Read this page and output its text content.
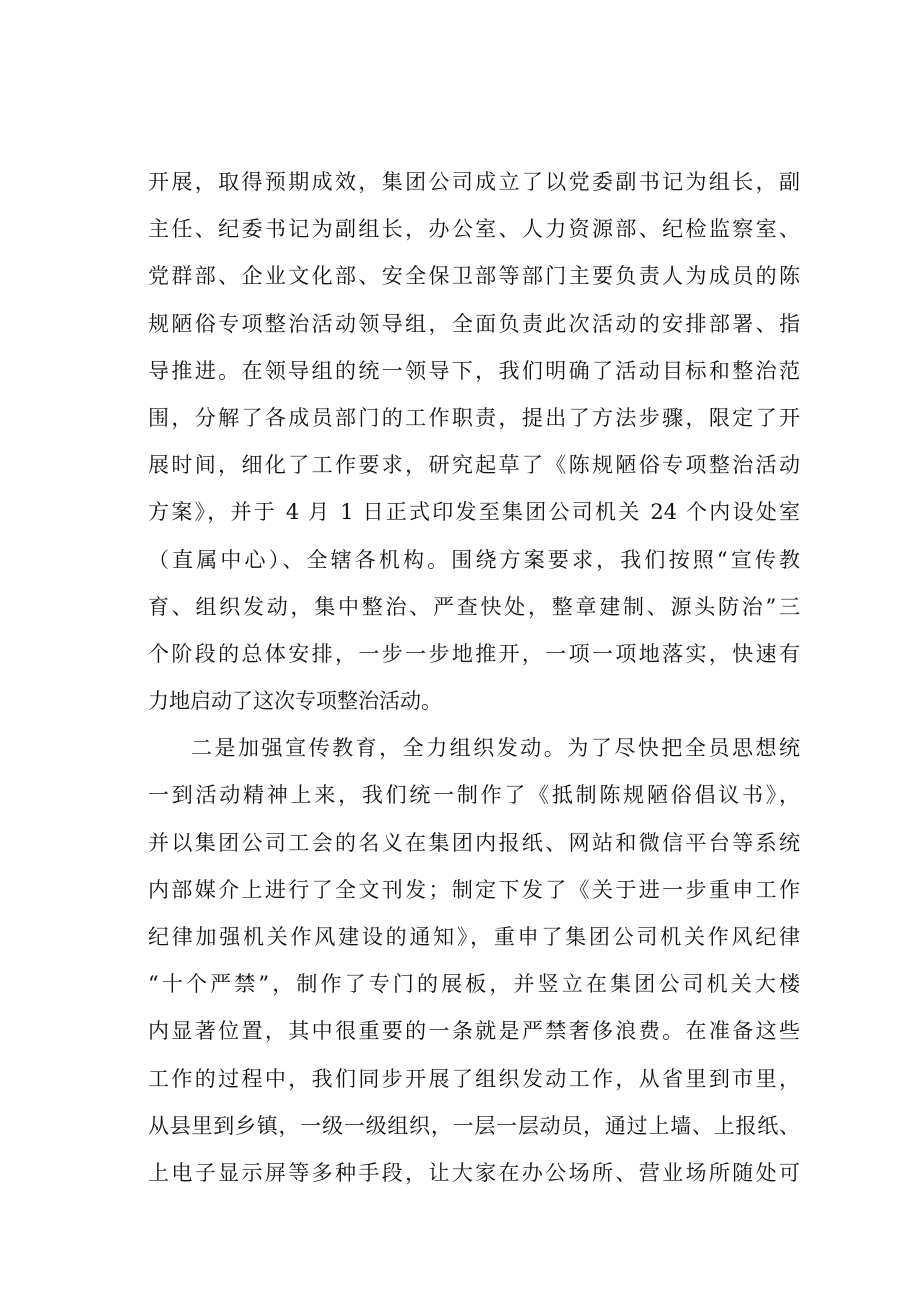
开展，取得预期成效，集团公司成立了以党委副书记为组长，副
主任、纪委书记为副组长，办公室、人力资源部、纪检监察室、
党群部、企业文化部、安全保卫部等部门主要负责人为成员的陈
规陋俗专项整治活动领导组，全面负责此次活动的安排部署、指
导推进。在领导组的统一领导下，我们明确了活动目标和整治范
围，分解了各成员部门的工作职责，提出了方法步骤，限定了开
展时间，细化了工作要求，研究起草了《陈规陋俗专项整治活动
方案》，并于 4 月 1 日正式印发至集团公司机关 24 个内设处室
（直属中心）、全辖各机构。围绕方案要求，我们按照“宣传教
育、组织发动，集中整治、严查快处，整章建制、源头防治”三
个阶段的总体安排，一步一步地推开，一项一项地落实，快速有
力地启动了这次专项整治活动。
二是加强宣传教育，全力组织发动。为了尽快把全员思想统
一到活动精神上来，我们统一制作了《抵制陈规陋俗倡议书》，
并以集团公司工会的名义在集团内报纸、网站和微信平台等系统
内部媒介上进行了全文刊发；制定下发了《关于进一步重申工作
纪律加强机关作风建设的通知》，重申了集团公司机关作风纪律
“十个严禁”，制作了专门的展板，并竖立在集团公司机关大楼
内显著位置，其中很重要的一条就是严禁奢侈浪费。在准备这些
工作的过程中，我们同步开展了组织发动工作，从省里到市里，
从县里到乡镇，一级一级组织，一层一层动员，通过上墙、上报纸、
上电子显示屏等多种手段，让大家在办公场所、营业场所随处可
